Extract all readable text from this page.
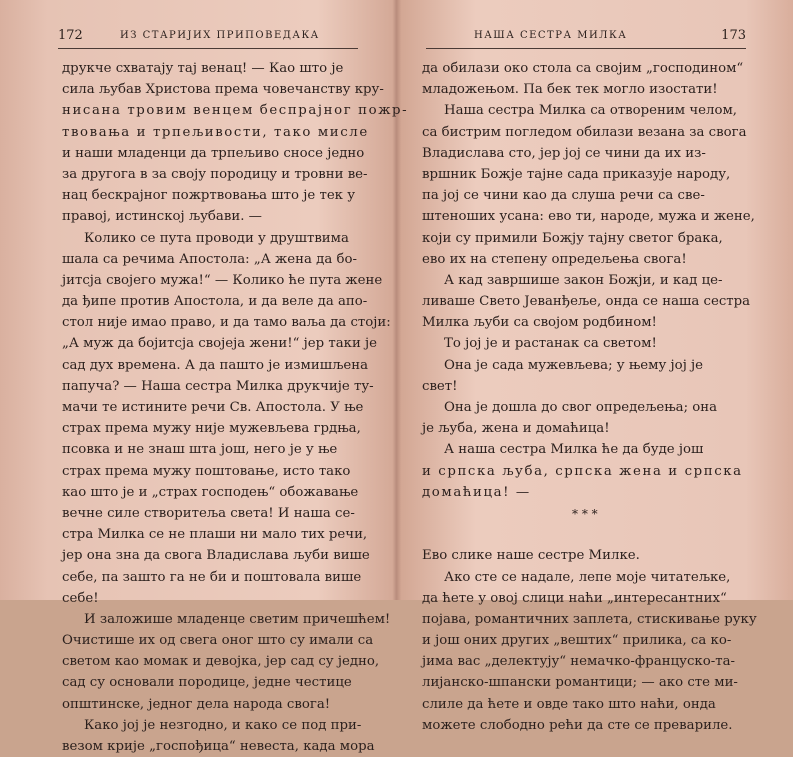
172	ИЗ СТАРИЈИХ ПРИПОВЕДАКА
друкче схватају тај венац! — Као што је
сила љубав Христова према човечанству кру-
нисана тровим венцем беспрајног пожр-
твовања и трпељивости, тако мисле
и наши младенци да трпељиво сносе једно
за другога в за своју породицу и тровни ве-
нац бескрајног пожртвовања што је тек у
правој, истинској љубави. —
Колико се пута проводи у друштвима
шала са речима Апостола: „А жена да бо-
јитсја своjего мужа!“ — Колико ће пута жене
да ђипе против Апостола, и да веле да апо-
стол није имао право, и да тамо ваља да стоји:
„А муж да бојитсја своjеја жени!“ јер таки је
сад дух времена. А да пашто је измишљена
папуча? — Наша сестра Милка друкчије ту-
мачи те истините речи Св. Апостола. У ње
страх према мужу није мужевљева грдња,
псовка и не знаш шта још, него је у ње
страх према мужу поштовање, исто тако
као што је и „страх господењ“ обожавање
вечне силе створитеља света! И наша се-
стра Милка се не плаши ни мало тих речи,
јер она зна да свога Владислава љуби више
себе, па зашто га не би и поштовала више
себе!
И заложише младенце светим причешћем!
Очистише их од свега оног што су имали са
светом као момак и девојка, јер сад су једно,
сад су основали породице, једне честице
општинске, једног дела народа свога!
Како јој је незгодно, и како се под при-
везом крије „госпођица“ невеста, када мора
НАША СЕСТРА МИЛКА	173
да обилази око стола са својим „господином“
младожењом. Па бек тек могло изостати!
Наша сестра Милка са отвореним челом,
са бистрим погледом обилази везана за свога
Владислава сто, јер јој се чини да их из-
вршник Божје тајне сада приказује народу,
па јој се чини као да слуша речи са све-
штеноших усана: ево ти, народе, мужа и жене,
који су примили Божју тајну светог брака,
ево их на степену опредељења свога!
А кад завршише закон Божји, и кад це-
ливаше Свето Јеванђеље, онда се наша сестра
Милка љуби са својом родбином!
То јој је и растанак са светом!
Она је сада мужевљева; у њему јој је
свет!
Она је дошла до свог опредељења; она
је љуба, жена и домаћица!
А наша сестра Милка ће да буде још
и српска љуба, српска жена и српска
домаћица! —
Ево слике наше сестре Милке.
Ако сте се надале, лепе моје читатељке,
да ћете у овој слици наћи „интересантних“
појава, романтичних заплета, стискивање руку
и још оних других „вештих“ прилика, са ко-
јима вас „делектују“ немачко-француско-та-
лијанско-шпански романтици; — ако сте ми-
слиле да ћете и овде тако што наћи, онда
можете слободно рећи да сте се превариле.
* * *
